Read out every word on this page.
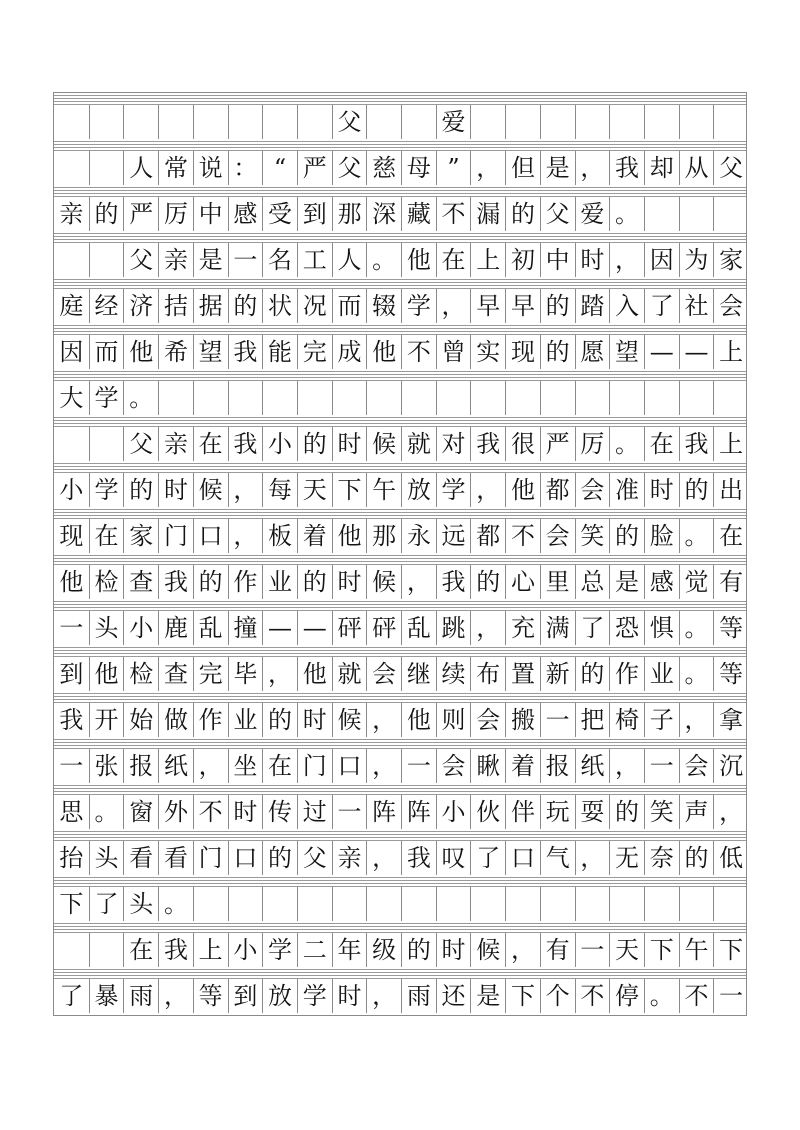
父	爱
人 常 说 ： “ 严 父 慈 母 ” ， 但 是 ， 我 却 从 父
亲 的 严 厉 中 感 受 到 那 深 藏 不 漏 的 父 爱 。
父 亲 是 一 名 工 人 。 他 在 上 初 中 时 ， 因 为 家
庭 经 济 拮 据 的 状 况 而 辍 学 ， 早 早 的 踏 入 了 社 会
因 而 他 希 望 我 能 完 成 他 不 曾 实 现 的 愿 望 — — 上
大 学 。
父 亲 在 我 小 的 时 候 就 对 我 很 严 厉 。 在 我 上
小 学 的 时 候 ， 每 天 下 午 放 学 ， 他 都 会 准 时 的 出
现 在 家 门 口 ， 板 着 他 那 永 远 都 不 会 笑 的 脸 。 在
他 检 查 我 的 作 业 的 时 候 ， 我 的 心 里 总 是 感 觉 有
一 头 小 鹿 乱 撞 — — 砰 砰 乱 跳 ， 充 满 了 恐 惧 。 等
到 他 检 查 完 毕 ， 他 就 会 继 续 布 置 新 的 作 业 。 等
我 开 始 做 作 业 的 时 候 ， 他 则 会 搬 一 把 椅 子 ， 拿
一 张 报 纸 ， 坐 在 门 口 ， 一 会 瞅 着 报 纸 ， 一 会 沉
思 。 窗 外 不 时 传 过 一 阵 阵 小 伙 伴 玩 耍 的 笑 声 ，
抬 头 看 看 门 口 的 父 亲 ， 我 叹 了 口 气 ， 无 奈 的 低
下 了 头 。
在 我 上 小 学 二 年 级 的 时 候 ， 有 一 天 下 午 下
了 暴 雨 ， 等 到 放 学 时 ， 雨 还 是 下 个 不 停 。 不 一
